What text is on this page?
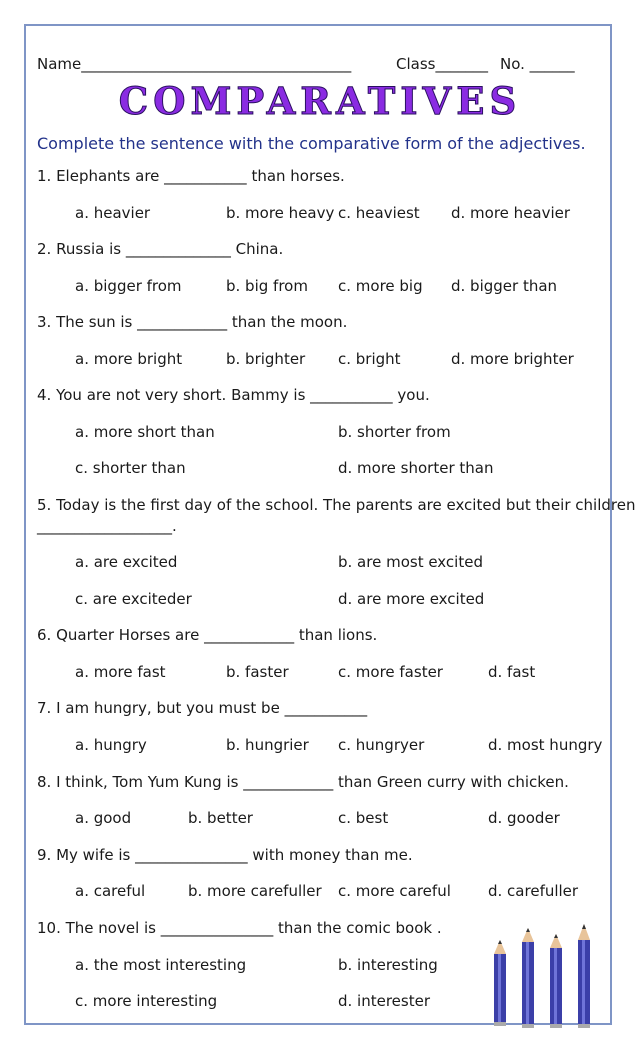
Name____________________________________	Class_______ No. ______
COMPARATIVES
Complete the sentence with the comparative form of the adjectives.
1. Elephants are ___________ than horses.
a. heavier	b. more heavy c. heaviest d. more heavier
2. Russia is ______________ China.
a. bigger from	b. big from c. more big d. bigger than
3. The sun is ____________ than the moon.
a. more bright	b. brighter c. bright	d. more brighter
4. You are not very short. Bammy is ___________ you.
a. more short than	b. shorter from
c. shorter than	d. more shorter than
5. Today is the first day of the school. The parents are excited but their children
__________________.
a. are excited	b. are most excited
c. are exciteder	d. are more excited
6. Quarter Horses are ____________ than lions.
a. more fast	b. faster	c. more faster	d. fast
7. I am hungry, but you must be ___________
a. hungry	b. hungrier c. hungryer	d. most hungry
8. I think, Tom Yum Kung is ____________ than Green curry with chicken.
a. good	b. better	c. best	d. gooder
9. My wife is _______________ with money than me.
a. careful	b. more carefuller c. more careful d. carefuller
10. The novel is _______________ than the comic book .
a. the most interesting	b. interesting
c. more interesting	d. interester
